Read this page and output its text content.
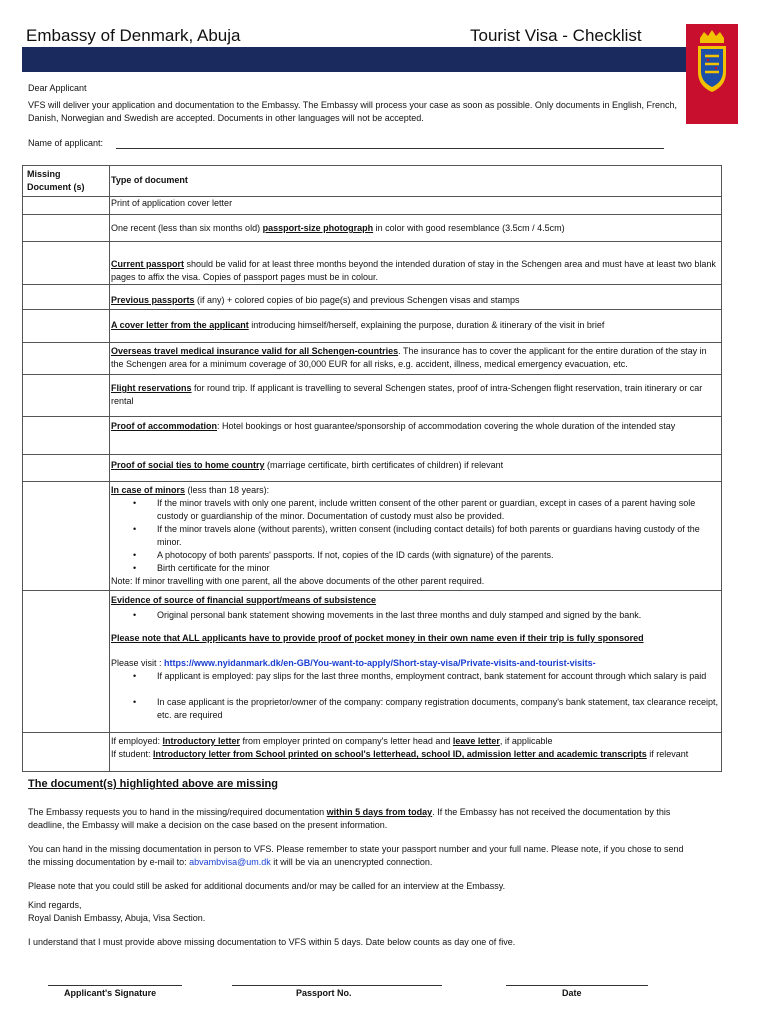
Embassy of Denmark, Abuja	Tourist Visa - Checklist
Dear Applicant
VFS will deliver your application and documentation to the Embassy. The Embassy will process your case as soon as possible. Only documents in English, French, Danish, Norwegian and Swedish are accepted. Documents in other languages will not be accepted.
Name of applicant:
Missing Document (s)
Type of document
Print of application cover letter
One recent (less than six months old) passport-size photograph in color with good resemblance (3.5cm / 4.5cm)
Current passport should be valid for at least three months beyond the intended duration of stay in the Schengen area and must have at least two blank pages to affix the visa. Copies of passport pages must be in colour.
Previous passports (if any) + colored copies of bio page(s) and previous Schengen visas and stamps
A cover letter from the applicant introducing himself/herself, explaining the purpose, duration & itinerary of the visit in brief
Overseas travel medical insurance valid for all Schengen-countries. The insurance has to cover the applicant for the entire duration of the stay in the Schengen area for a minimum coverage of 30,000 EUR for all risks, e.g. accident, illness, medical emergency evacuation, etc.
Flight reservations for round trip. If applicant is travelling to several Schengen states, proof of intra-Schengen flight reservation, train itinerary or car rental
Proof of accommodation: Hotel bookings or host guarantee/sponsorship of accommodation covering the whole duration of the intended stay
Proof of social ties to home country (marriage certificate, birth certificates of children) if relevant
In case of minors (less than 18 years):
• If the minor travels with only one parent, include written consent of the other parent or guardian, except in cases of a parent having sole custody or guardianship of the minor. Documentation of custody must also be provided.
• If the minor travels alone (without parents), written consent (including contact details) fof both parents or guardians having custody of the minor.
• A photocopy of both parents' passports. If not, copies of the ID cards (with signature) of the parents.
• Birth certificate for the minor
Note: If minor travelling with one parent, all the above documents of the other parent required.
Evidence of source of financial support/means of subsistence
• Original personal bank statement showing movements in the last three months and duly stamped and signed by the bank.
Please note that ALL applicants have to provide proof of pocket money in their own name even if their trip is fully sponsored
Please visit : https://www.nyidanmark.dk/en-GB/You-want-to-apply/Short-stay-visa/Private-visits-and-tourist-visits-
• If applicant is employed: pay slips for the last three months, employment contract, bank statement for account through which salary is paid
• In case applicant is the proprietor/owner of the company: company registration documents, company's bank statement, tax clearance receipt, etc. are required
If employed: Introductory letter from employer printed on company's letter head and leave letter, if applicable
If student: Introductory letter from School printed on school's letterhead, school ID, admission letter and academic transcripts if relevant
The document(s) highlighted above are missing
The Embassy requests you to hand in the missing/required documentation within 5 days from today. If the Embassy has not received the documentation by this deadline, the Embassy will make a decision on the case based on the present information.
You can hand in the missing documentation in person to VFS. Please remember to state your passport number and your full name. Please note, if you chose to send the missing documentation by e-mail to: abvambvisa@um.dk it will be via an unencrypted connection.
Please note that you could still be asked for additional documents and/or may be called for an interview at the Embassy.
Kind regards,
Royal Danish Embassy, Abuja, Visa Section.
I understand that I must provide above missing documentation to VFS within 5 days. Date below counts as day one of five.
Applicant's Signature	Passport No.	Date
